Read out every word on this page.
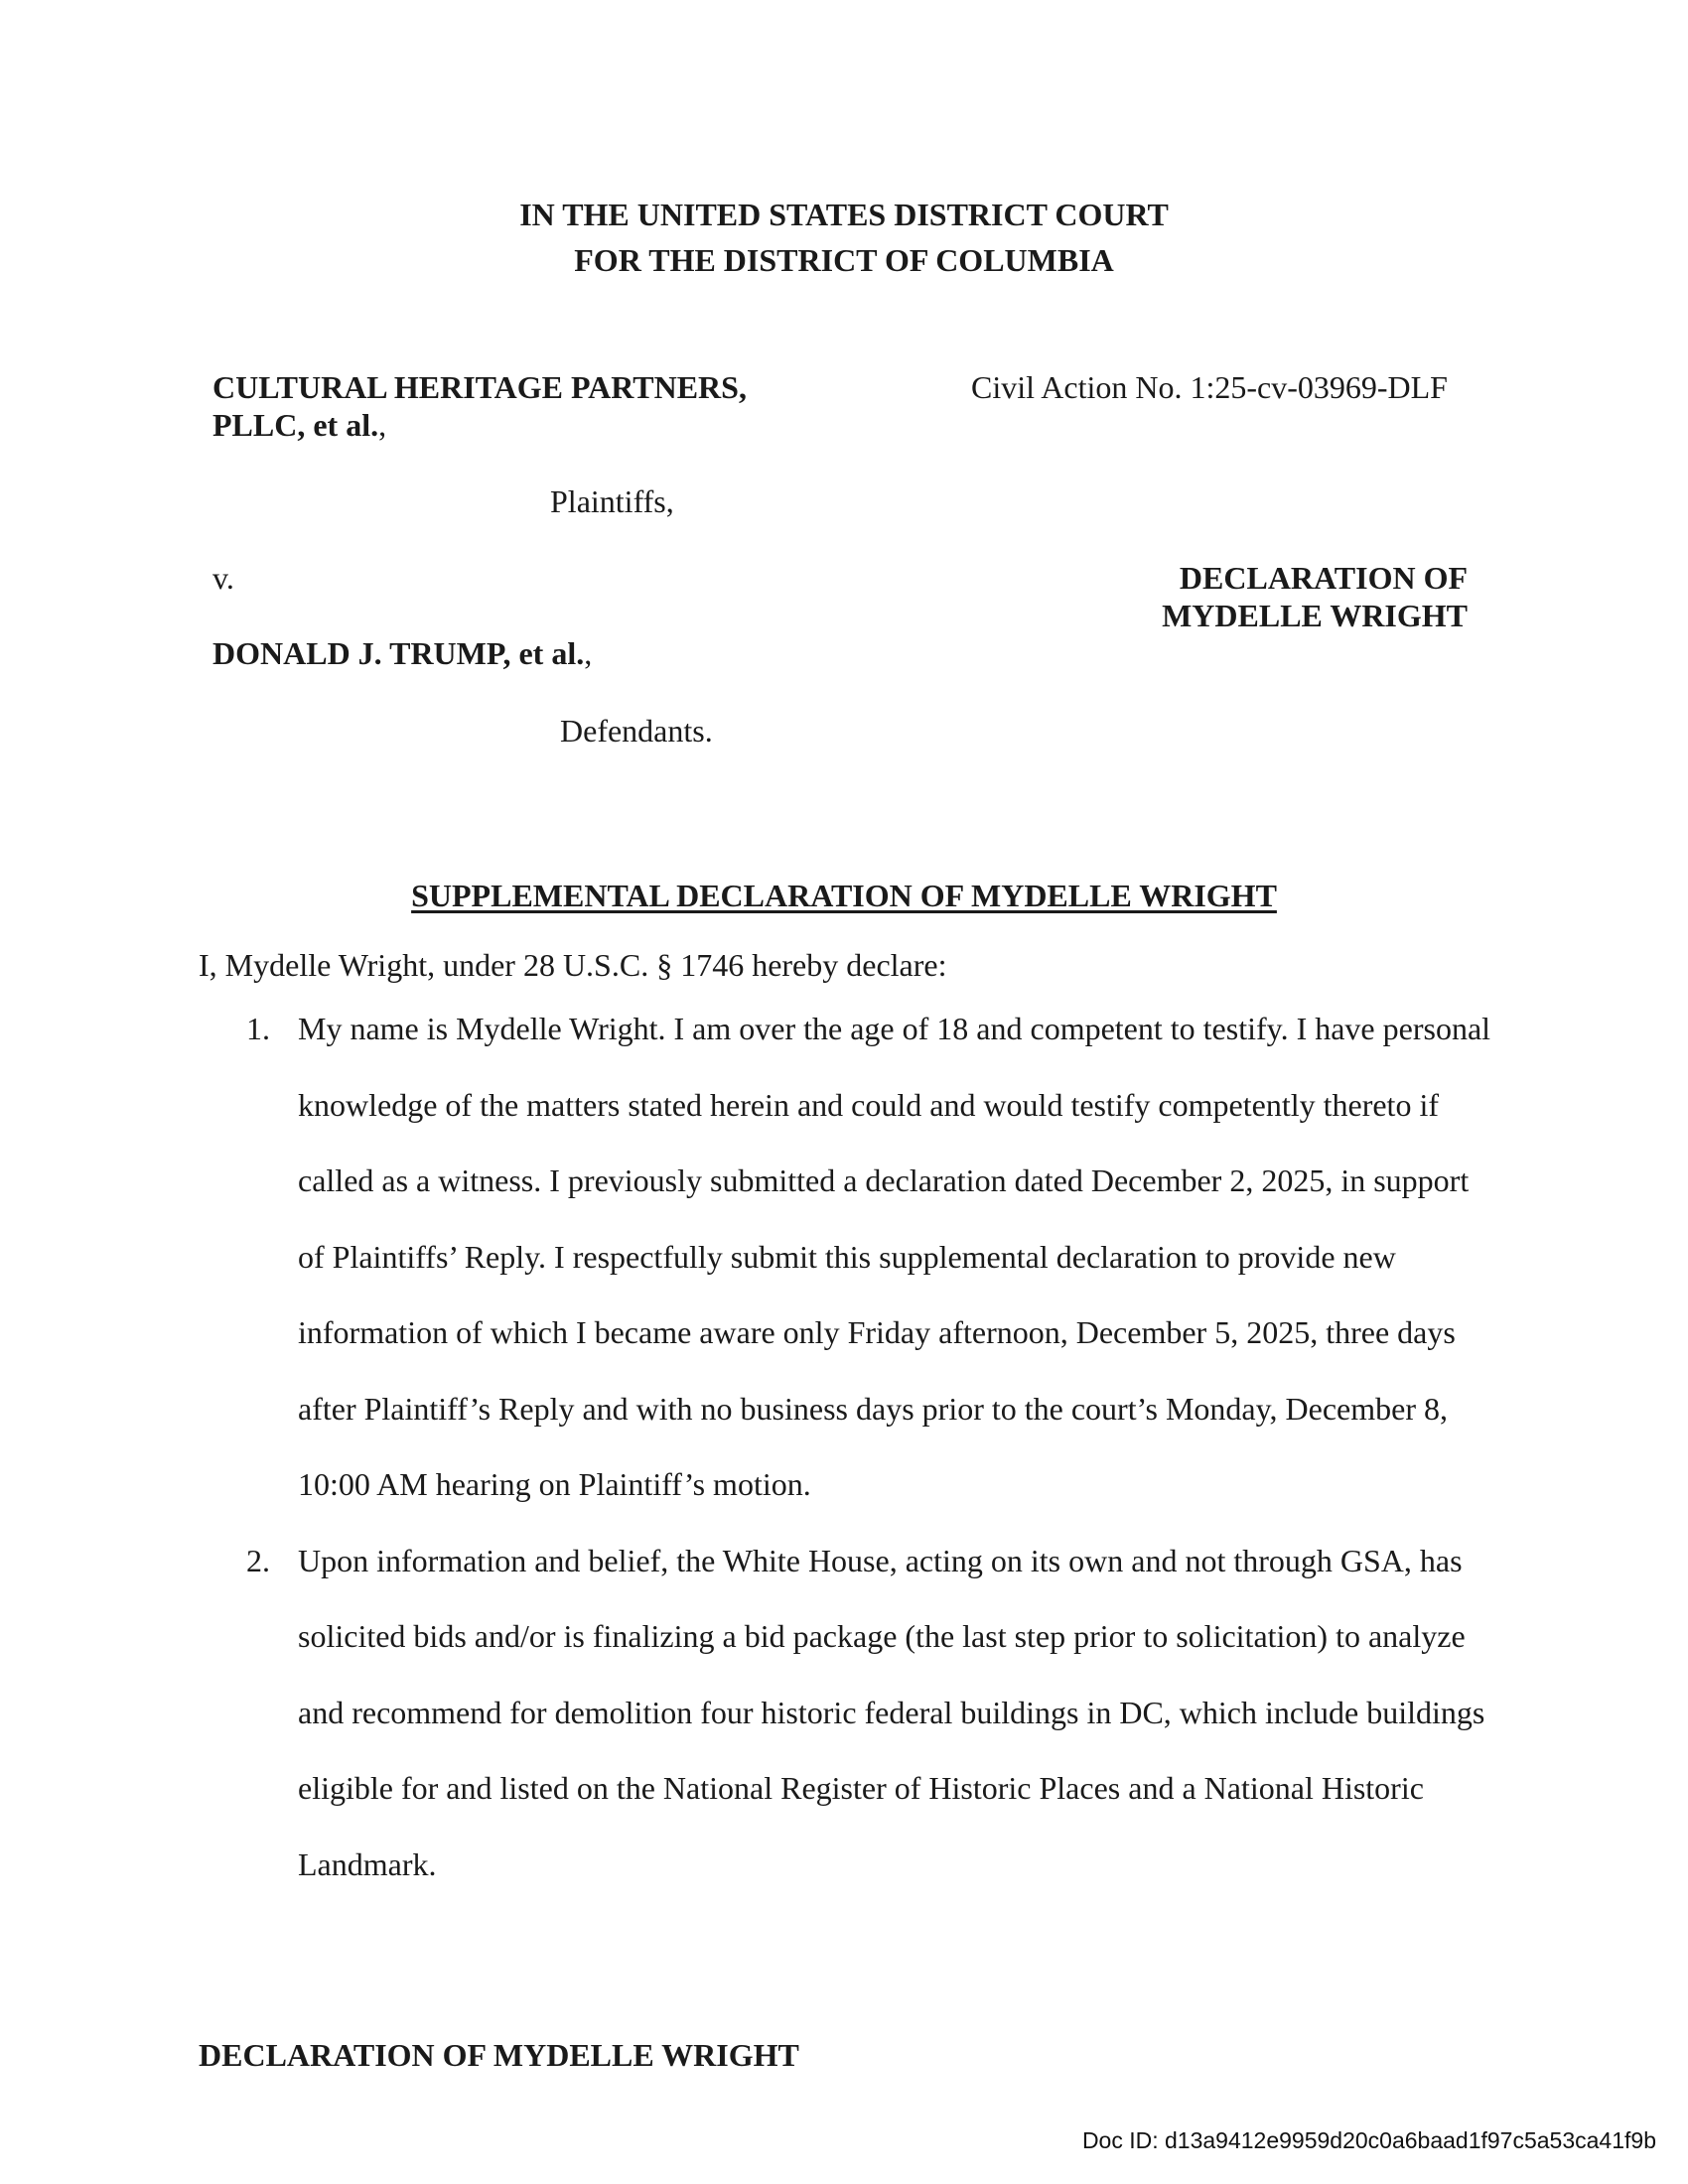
IN THE UNITED STATES DISTRICT COURT
FOR THE DISTRICT OF COLUMBIA
CULTURAL HERITAGE PARTNERS,
PLLC, et al.,
Plaintiffs,
v.
DONALD J. TRUMP, et al.,
Defendants.
Civil Action No. 1:25-cv-03969-DLF
DECLARATION OF
MYDELLE WRIGHT
SUPPLEMENTAL DECLARATION OF MYDELLE WRIGHT
I, Mydelle Wright, under 28 U.S.C. § 1746 hereby declare:
1. My name is Mydelle Wright. I am over the age of 18 and competent to testify. I have personal knowledge of the matters stated herein and could and would testify competently thereto if called as a witness. I previously submitted a declaration dated December 2, 2025, in support of Plaintiffs’ Reply. I respectfully submit this supplemental declaration to provide new information of which I became aware only Friday afternoon, December 5, 2025, three days after Plaintiff’s Reply and with no business days prior to the court’s Monday, December 8, 10:00 AM hearing on Plaintiff’s motion.
2. Upon information and belief, the White House, acting on its own and not through GSA, has solicited bids and/or is finalizing a bid package (the last step prior to solicitation) to analyze and recommend for demolition four historic federal buildings in DC, which include buildings eligible for and listed on the National Register of Historic Places and a National Historic Landmark.
DECLARATION OF MYDELLE WRIGHT
Doc ID: d13a9412e9959d20c0a6baad1f97c5a53ca41f9b
